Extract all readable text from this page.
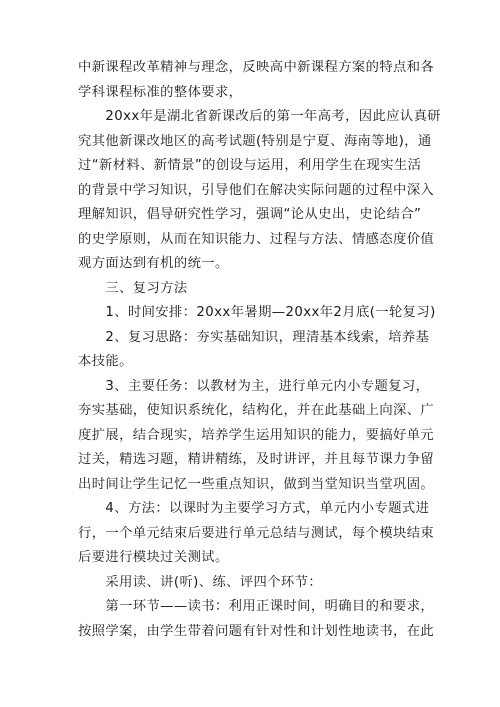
中新课程改革精神与理念，反映高中新课程方案的特点和各
学科课程标准的整体要求，
　　20xx年是湖北省新课改后的第一年高考，因此应认真研
究其他新课改地区的高考试题(特别是宁夏、海南等地)，通
过“新材料、新情景”的创设与运用，利用学生在现实生活
的背景中学习知识，引导他们在解决实际问题的过程中深入
理解知识，倡导研究性学习，强调“论从史出，史论结合”
的史学原则，从而在知识能力、过程与方法、情感态度价值
观方面达到有机的统一。
　　三、复习方法
　　1、时间安排：20xx年暑期—20xx年2月底(一轮复习)
　　2、复习思路：夯实基础知识，理清基本线索，培养基
本技能。
　　3、主要任务：以教材为主，进行单元内小专题复习，
夯实基础，使知识系统化，结构化，并在此基础上向深、广
度扩展，结合现实，培养学生运用知识的能力，要搞好单元
过关，精选习题，精讲精练，及时讲评，并且每节课力争留
出时间让学生记忆一些重点知识，做到当堂知识当堂巩固。
　　4、方法：以课时为主要学习方式，单元内小专题式进
行，一个单元结束后要进行单元总结与测试，每个模块结束
后要进行模块过关测试。
　　采用读、讲(听)、练、评四个环节：
　　第一环节——读书：利用正课时间，明确目的和要求，
按照学案，由学生带着问题有针对性和计划性地读书，在此
